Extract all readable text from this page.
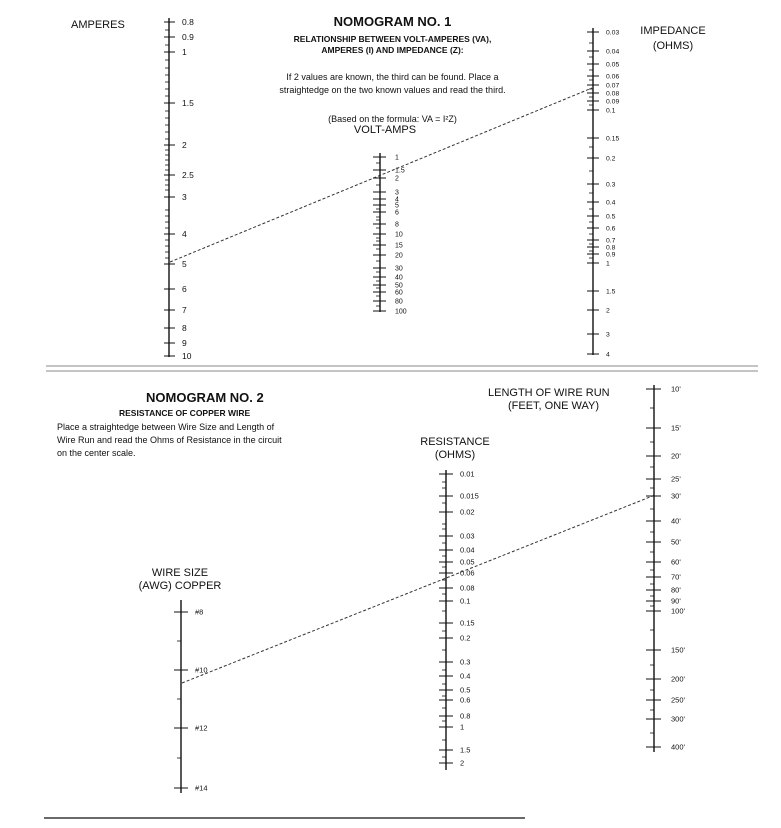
0.8
0.9
1
1.5
2
2.5
3
4
5
6
7
8
9
10
1
1.5
2
3
4
5
6
8
10
15
20
30
40
50
60
80
100
0.03
0.04
0.05
0.06
0.07
0.08
0.09
0.1
0.15
0.2
0.3
0.4
0.5
0.6
0.7
0.8
0.9
1
1.5
2
3
4
#8
#10
#12
#14
0.01
0.015
0.02
0.03
0.04
0.05
0.06
0.08
0.1
0.15
0.2
0.3
0.4
0.5
0.6
0.8
1
1.5
2
10'
15'
20'
25'
30'
40'
50'
60'
70'
80'
90'
100'
150'
200'
250'
300'
400'
NOMOGRAM NO. 1
RELATIONSHIP BETWEEN VOLT-AMPERES (VA),
AMPERES (I) AND IMPEDANCE (Z):
If 2 values are known, the third can be found. Place a
straightedge on the two known values and read the third.
(Based on the formula: VA = I²Z)
AMPERES
VOLT-AMPS
IMPEDANCE
(OHMS)
NOMOGRAM NO. 2
RESISTANCE OF COPPER WIRE
Place a straightedge between Wire Size and Length of
Wire Run and read the Ohms of Resistance in the circuit
on the center scale.
WIRE SIZE
(AWG) COPPER
RESISTANCE
(OHMS)
LENGTH OF WIRE RUN
(FEET, ONE WAY)
